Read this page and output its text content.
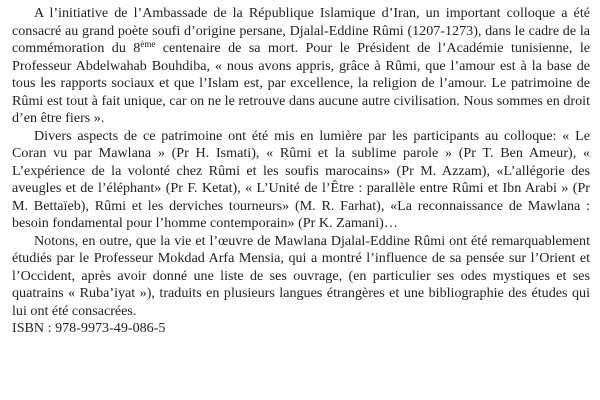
A l’initiative de l’Ambassade de la République Islamique d’Iran, un important colloque a été consacré au grand poète soufi d’origine persane, Djalal-Eddine Rûmi (1207-1273), dans le cadre de la commémoration du 8ème centenaire de sa mort. Pour le Président de l’Académie tunisienne, le Professeur Abdelwahab Bouhdiba, « nous avons appris, grâce à Rûmi, que l’amour est à la base de tous les rapports sociaux et que l’Islam est, par excellence, la religion de l’amour. Le patrimoine de Rûmi est tout à fait unique, car on ne le retrouve dans aucune autre civilisation. Nous sommes en droit d’en être fiers ».

Divers aspects de ce patrimoine ont été mis en lumière par les participants au colloque: « Le Coran vu par Mawlana » (Pr H. Ismati), « Rûmi et la sublime parole » (Pr T. Ben Ameur), « L’expérience de la volonté chez Rûmi et les soufis marocains» (Pr M. Azzam), «L’allégorie des aveugles et de l’éléphant» (Pr F. Ketat), « L’Unité de l’Être : parallèle entre Rûmi et Ibn Arabi » (Pr M. Bettaïeb), Rûmi et les derviches tourneurs» (M. R. Farhat), «La reconnaissance de Mawlana : besoin fondamental pour l’homme contemporain» (Pr K. Zamani)…

Notons, en outre, que la vie et l’œuvre de Mawlana Djalal-Eddine Rûmi ont été remarquablement étudiés par le Professeur Mokdad Arfa Mensia, qui a montré l’influence de sa pensée sur l’Orient et l’Occident, après avoir donné une liste de ses ouvrage, (en particulier ses odes mystiques et ses quatrains « Ruba’iyat »), traduits en plusieurs langues étrangères et une bibliographie des études qui lui ont été consacrées.

ISBN : 978-9973-49-086-5
